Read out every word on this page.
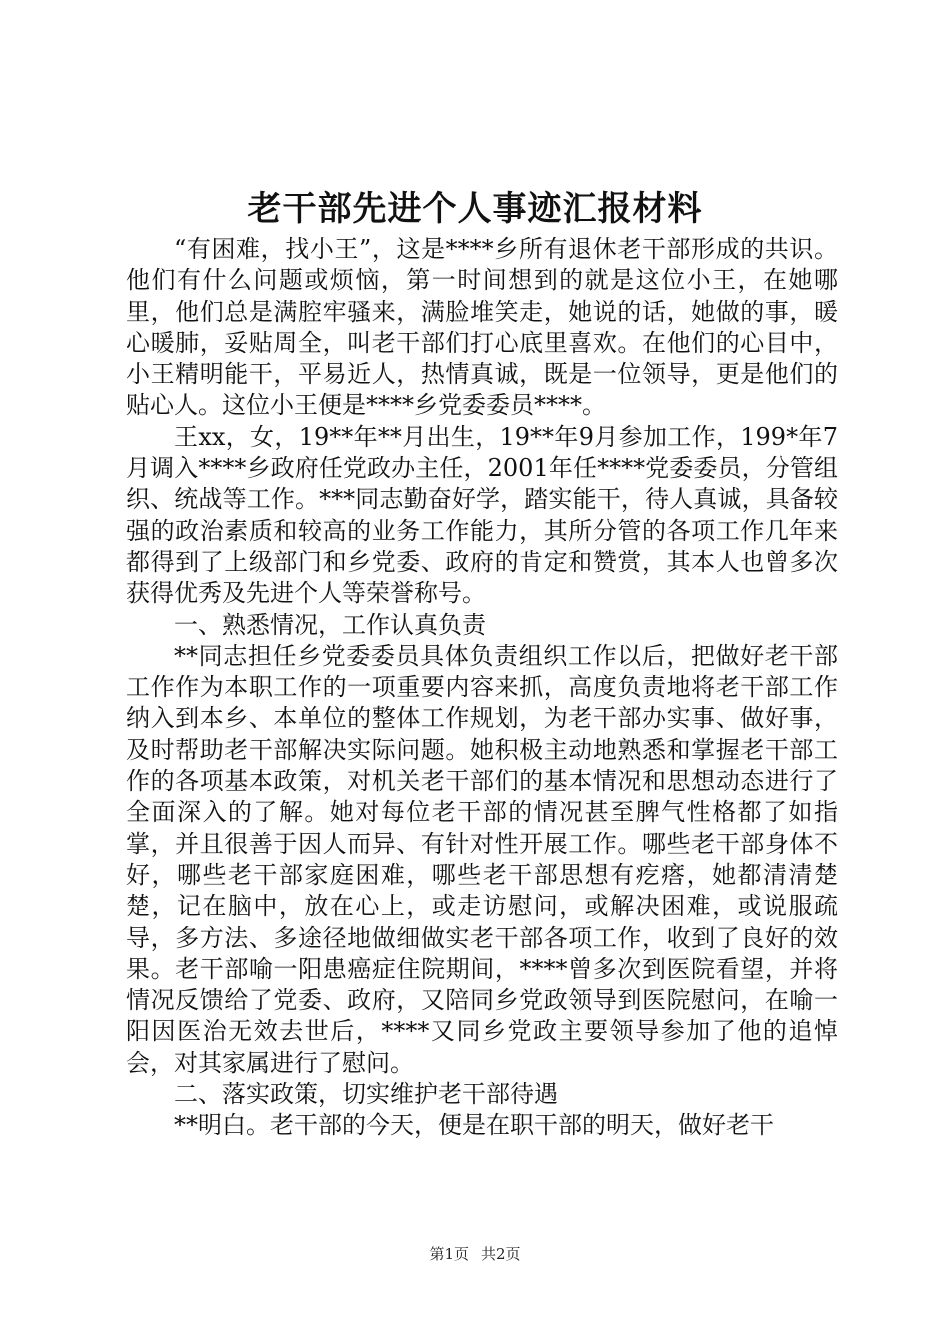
老干部先进个人事迹汇报材料

“有困难，找小王”，这是****乡所有退休老干部形成的共识。他们有什么问题或烦恼，第一时间想到的就是这位小王，在她哪里，他们总是满腔牢骚来，满脸堆笑走，她说的话，她做的事，暖心暖肺，妥贴周全，叫老干部们打心底里喜欢。在他们的心目中，小王精明能干，平易近人，热情真诚，既是一位领导，更是他们的贴心人。这位小王便是****乡党委委员****。

王xx，女，19**年**月出生，19**年9月参加工作，199*年7月调入****乡政府任党政办主任，2001年任****党委委员，分管组织、统战等工作。***同志勤奋好学，踏实能干，待人真诚，具备较强的政治素质和较高的业务工作能力，其所分管的各项工作几年来都得到了上级部门和乡党委、政府的肯定和赞赏，其本人也曾多次获得优秀及先进个人等荣誉称号。

一、熟悉情况，工作认真负责

**同志担任乡党委委员具体负责组织工作以后，把做好老干部工作作为本职工作的一项重要内容来抓，高度负责地将老干部工作纳入到本乡、本单位的整体工作规划，为老干部办实事、做好事，及时帮助老干部解决实际问题。她积极主动地熟悉和掌握老干部工作的各项基本政策，对机关老干部们的基本情况和思想动态进行了全面深入的了解。她对每位老干部的情况甚至脾气性格都了如指掌，并且很善于因人而异、有针对性开展工作。哪些老干部身体不好，哪些老干部家庭困难，哪些老干部思想有疙瘩，她都清清楚楚，记在脑中，放在心上，或走访慰问，或解决困难，或说服疏导，多方法、多途径地做细做实老干部各项工作，收到了良好的效果。老干部喻一阳患癌症住院期间，****曾多次到医院看望，并将情况反馈给了党委、政府，又陪同乡党政领导到医院慰问，在喻一阳因医治无效去世后，****又同乡党政主要领导参加了他的追悼会，对其家属进行了慰问。

二、落实政策，切实维护老干部待遇

**明白。老干部的今天，便是在职干部的明天，做好老干

第1页 共2页
